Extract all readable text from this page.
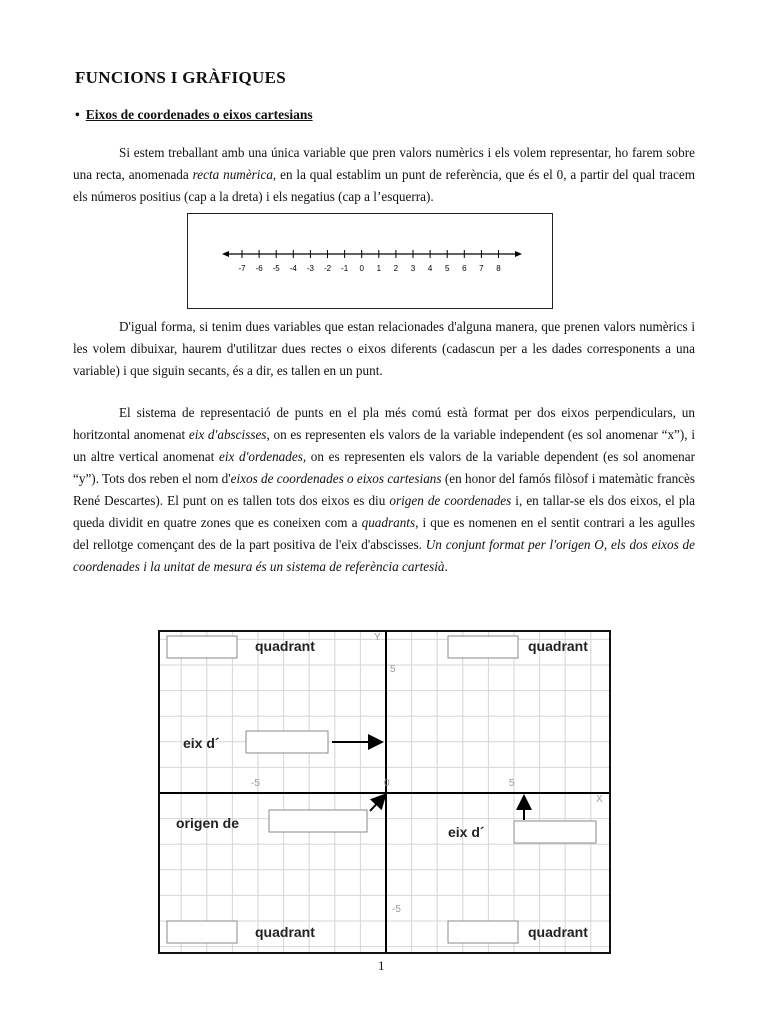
FUNCIONS I GRÀFIQUES
• Eixos de coordenades o eixos cartesians

Si estem treballant amb una única variable que pren valors numèrics i els volem representar, ho farem sobre una recta, anomenada recta numèrica, en la qual establim un punt de referència, que és el 0, a partir del qual tracem els números positius (cap a la dreta) i els negatius (cap a l’esquerra).

-7 -6 -5 -4 -3 -2 -1 0 1 2 3 4 5 6 7 8

D'igual forma, si tenim dues variables que estan relacionades d'alguna manera, que prenen valors numèrics i les volem dibuixar, haurem d'utilitzar dues rectes o eixos diferents (cadascun per a les dades corresponents a una variable) i que siguin secants, és a dir, es tallen en un punt.

El sistema de representació de punts en el pla més comú està format per dos eixos perpendiculars, un horitzontal anomenat eix d'abscisses, on es representen els valors de la variable independent (es sol anomenar “x”), i un altre vertical anomenat eix d'ordenades, on es representen els valors de la variable dependent (es sol anomenar “y”). Tots dos reben el nom d'eixos de coordenades o eixos cartesians (en honor del famós filòsof i matemàtic francès René Descartes). El punt on es tallen tots dos eixos es diu origen de coordenades i, en tallar-se els dos eixos, el pla queda dividit en quatre zones que es coneixen com a quadrants, i que es nomenen en el sentit contrari a les agulles del rellotge començant des de la part positiva de l'eix d'abscisses. Un conjunt format per l'origen O, els dos eixos de coordenades i la unitat de mesura és un sistema de referència cartesià.

Y
X
5
-5
-5	5
0
quadrant	quadrant
quadrant	quadrant
eix d´
origen de
eix d´
1
